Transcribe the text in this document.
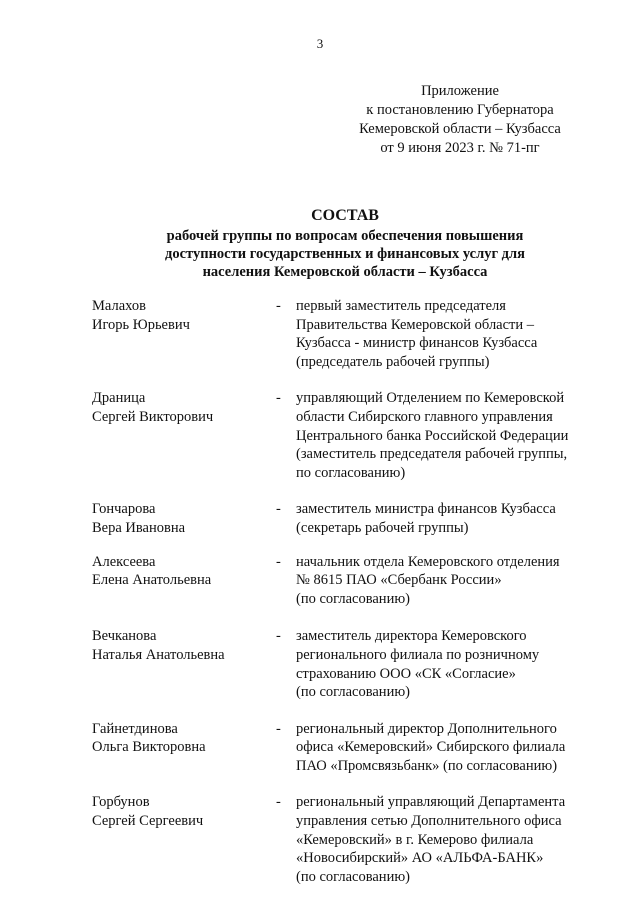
3
Приложение
к постановлению Губернатора
Кемеровской области – Кузбасса
от 9 июня 2023 г. № 71-пг
СОСТАВ
рабочей группы по вопросам обеспечения повышения
доступности государственных и финансовых услуг для
населения Кемеровской области – Кузбасса
Малахов
Игорь Юрьевич
-	первый заместитель председателя
Правительства Кемеровской области –
Кузбасса - министр финансов Кузбасса
(председатель рабочей группы)
Драница
Сергей Викторович
-	управляющий Отделением по Кемеровской
области Сибирского главного управления
Центрального банка Российской Федерации
(заместитель председателя рабочей группы,
по согласованию)
Гончарова
Вера Ивановна
-	заместитель министра финансов Кузбасса
(секретарь рабочей группы)
Алексеева
Елена Анатольевна
-	начальник отдела Кемеровского отделения
№ 8615 ПАО «Сбербанк России»
(по согласованию)
Вечканова
Наталья Анатольевна
-	заместитель директора Кемеровского
регионального филиала по розничному
страхованию ООО «СК «Согласие»
(по согласованию)
Гайнетдинова
Ольга Викторовна
-	региональный директор Дополнительного
офиса «Кемеровский» Сибирского филиала
ПАО «Промсвязьбанк» (по согласованию)
Горбунов
Сергей Сергеевич
-	региональный управляющий Департамента
управления сетью Дополнительного офиса
«Кемеровский» в г. Кемерово филиала
«Новосибирский» АО «АЛЬФА-БАНК»
(по согласованию)
